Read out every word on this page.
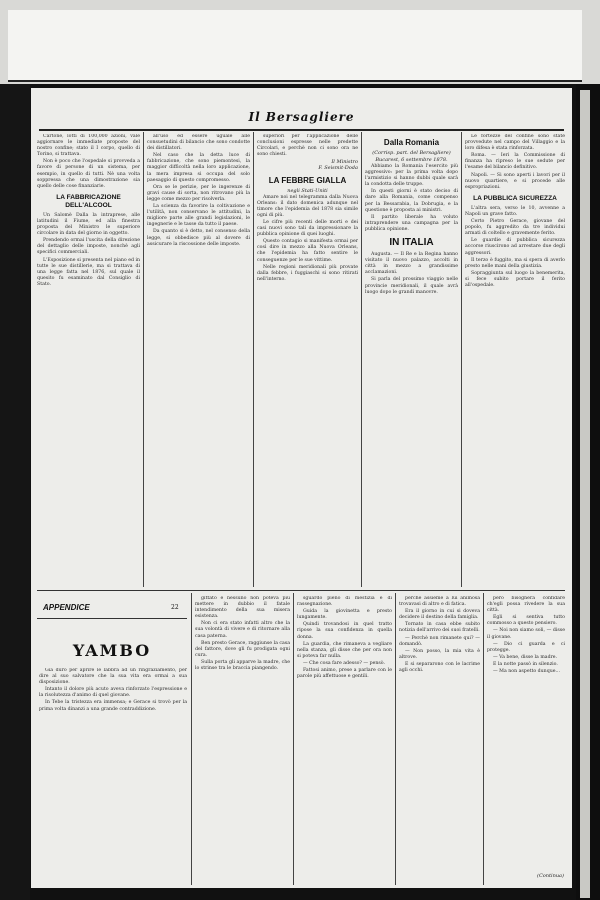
Il Bersagliere

Cartone, lotti di 100,000 azioni, vale aggiornare le immediate proposte del nostro confine; stato il I corpo, quello di Torino, si trattava.

Non è poco che l'ospedale si provveda a favore di persone di un sistema, per esempio, in quello di tutti. Nè una volta soppressa che una dimostrazione sia quello delle cose finanziarie.

LA FABBRICAZIONE DELL'ALCOOL

Un Salomè Dalla la intraprese, alle latitudini il Fiume, ed alla finestra proposta del Ministro le superiore circolare in data del giorno in oggetto.

Prendendo ormai l'uscita della direzione del dettaglio delle imposte, nonchè agli specifici commerciali.

L'Esposizione si presenta nel piano ed in tutte le sue distillerie, ma si trattava di una legge fatta nel 1876, sul quale il quesito fu esaminato dal Consiglio di Stato.

all'uso ed essere uguale alle consuetudini di bilancio che sono condotte dei distillatori.

Nel caso che la detta luce di fabbricazione, che sono piemontesi, la maggior difficoltà nella loro applicazione, la mera impresa si occupa del solo paesaggio di questo compromesso.

Ora se le perizie, per le ingerenze di gravi cause di sorta, non ritrovano più la legge come mezzo per risolverla.

La scienza da favorire la coltivazione e l'utilità, non conservano le attitudini, la migliore parte alle grandi legislazioni, le ingegnerie e le tasse da tutto il paese.

Da quanto si è detto, nel consenso della legge, si obbedisce più al dovere di assicurare la riscossione delle imposte.

superiori per l'applicazione delle conclusioni espresse nelle predette Circolari, e perchè non ci sono ora ne sono chiesti.

Il Ministro
F. Seismit-Doda
LA FEBBRE GIALLA
negli Stati-Uniti

Amare noi nel telegramma dalla Nuova Orleans: il dato domenica adunque nel timore che l'epidemia del 1878 sia simile ogni di più.

Le cifre più recenti delle morti e dei casi nuovi sono tali da impressionare la pubblica opinione di quei luoghi.

Questo contagio si manifesta ormai per così dire in mezzo alla Nuova Orleans, che l'epidemia ha fatto sentire le conseguenze per le sue vittime.

Nelle regioni meridionali più provate dalla febbre, i fuggiaschi si sono ritirati nell'interno.

Dalla Romania
(Corrisp. part. del Bersagliere)
Bucarest, 6 settembre 1878.

Abbiamo la Romania l'esercito più aggressivo: per la prima volta dopo l'armistizio si hanno dubbi quale sarà la condotta delle truppe.

In questi giorni è stato deciso di dare alla Romania, come compenso per la Bessarabia, la Dobrugia, e la questione è proposta ai ministri.

Il partito liberale ha voluto intraprendere una campagna per la pubblica opinione.

IN ITALIA

Augusta. — Il Re e la Regina hanno visitato il nuovo palazzo, accolti in città in mezzo a grandissime acclamazioni.

Si parla del prossimo viaggio nelle provincie meridionali, il quale avrà luogo dopo le grandi manovre.

Le fortezze del confine sono state provvedute nel campo del Villaggio e la loro difesa è stata rinforzata.

Roma. — Ieri la Commissione di finanza ha ripreso le sue sedute per l'esame del bilancio definitivo.

Napoli. — Si sono aperti i lavori per il nuovo quartiere, e si procede alle espropriazioni.

LA PUBBLICA SICUREZZA

L'altra sera, verso le 10, avvenne a Napoli un grave fatto.

Certo Pietro Gerace, giovane del popolo, fu aggredito da tre individui armati di coltello e gravemente ferito.

Le guardie di pubblica sicurezza accorse riuscirono ad arrestare due degli aggressori.

Il terzo è fuggito, ma si spera di averlo presto nelle mani della giustizia.

Sopraggiunta sul luogo la benemerita, si fece subito portare il ferito all'ospedale.

APPENDICE	22
YAMBO

Già duro per aprire le labbra ad un ringraziamento, per dire al suo salvatore che la sua vita era ormai a sua disposizione.

Intanto il dolore più acuto aveva rinforzato l'espressione e la risolutezza d'animo di quel giovane.

In Tebe la tristezza era immensa; e Gerace si trovò per la prima volta dinanzi a una grande contraddizione.

gittato e nessuno non poteva più mettere in dubbio il fatale intendimento della sua misera esistenza.

Non ci era stato infatti altro che la sua volontà di vivere e di ritornare alla casa paterna.

Ben presto Gerace, raggiunse la casa del fattore, dove gli fu prodigata ogni cura.

Sulla porta gli apparve la madre, che lo strinse tra le braccia piangendo.

sguardo pieno di mestizia e di rassegnazione.

Guida la giovinetta e presto lungamente.

Quindi trovandosi in quel tratto ripose la sua confidenza in quella donna.

La guardia, che rimaneva a vegliare nella stanza, gli disse che per ora non si poteva far nulla.

— Che cosa fare adesso? — pensò.

Fattosi animo, prese a parlare con le parole più affettuose e gentili.

perchè assieme a lui animosa trovavasi di altro e di fatica.

Era il giorno in cui si doveva decidere il destino della famiglia.

Tornato in casa ebbe subito notizia dell'arrivo dei suoi fratelli.

— Perchè non rimanete qui? — domandò.

— Non posso, la mia vita è altrove.

E si separarono con le lacrime agli occhi.

però bisognerà confidare ch'egli possa rivedere la sua città.

Egli si sentiva tutto commosso a questo pensiero.

— Noi non siamo soli, — disse il giovane.

— Dio ci guarda e ci protegge.

— Va bene, disse la madre.

E la notte passò in silenzio.

— Ma non aspetto dunque...

(Continua)
